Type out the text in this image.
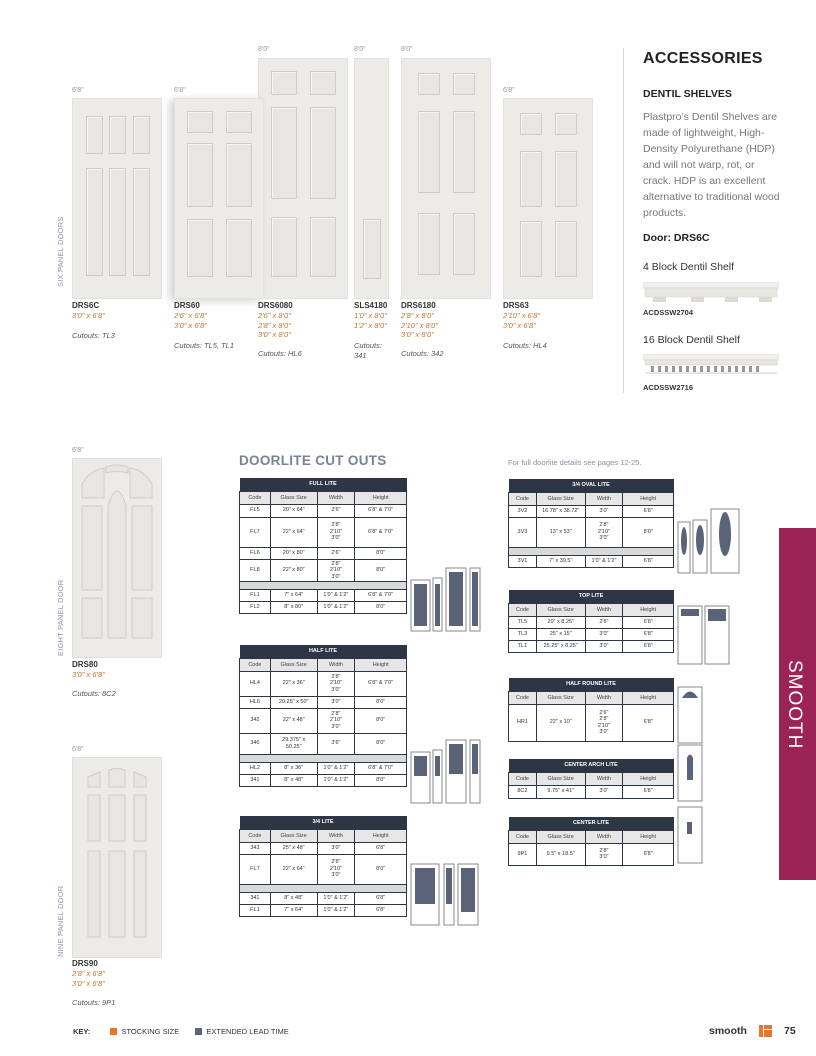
SIX PANEL DOORS
6'8"	6'8"
8'0"	8'0"	8'0"
6'8"
DRS6C
3'0" x 6'8"
Cutouts: TL3
DRS60
2'6" x 6'8"
3'0" x 6'8"
Cutouts: TL5, TL1
DRS6080
2'6" x 8'0"
2'8" x 8'0"
3'0" x 8'0"
Cutouts: HL6
SLS4180
1'0" x 8'0"
1'2" x 8'0"
Cutouts:
341
DRS6180
2'8" x 8'0"
2'10" x 8'0"
3'0" x 8'0"
Cutouts: 342
DRS63
2'10" x 6'8"
3'0" x 6'8"
Cutouts: HL4
ACCESSORIES
DENTIL SHELVES
Plastpro’s Dentil Shelves are made of lightweight, High-Density Polyurethane (HDP) and will not warp, rot, or crack. HDP is an excellent alternative to traditional wood products.
Door: DRS6C
4 Block Dentil Shelf
ACDSSW2704
16 Block Dentil Shelf
ACDSSW2716
6'8"
EIGHT PANEL DOOR
DRS80
3'0" x 6'8"
Cutouts: 8C2
6'8"
NINE PANEL DOOR
DRS90
2'8" x 6'8"
3'0" x 6'8"
Cutouts: 9P1
DOORLITE CUT OUTS	For full doorlite details see pages 12-25.
FULL LITE			
Code	Glass Size	Width	Height
FL5	20" x 64"	2'6"	6'8" & 7'0"
FL7	22" x 64"	2'8"
2'10"
3'0"	6'8" & 7'0"
FL6	20" x 80"	2'6"	8'0"
FL8	22" x 80"	2'8"
2'10"
3'0"	8'0"

FL1	7" x 64"	1'0" & 1'2"	6'8" & 7'0"
FL2	8" x 80"	1'0" & 1'2"	8'0"
HALF LITE			
Code	Glass Size	Width	Height
HL4	22" x 36"	2'8"
2'10"
3'0"	6'8" & 7'0"
HL6	20.25" x 50"	3'0"	8'0"
342	22" x 48"	2'8"
2'10"
3'0"	8'0"
346	29.375" x
50.25"	3'6"	8'0"

HL2	8" x 36"	1'0" & 1'2"	6'8" & 7'0"
341	8" x 48"	1'0" & 1'2"	8'0"
3/4 LITE			
Code	Glass Size	Width	Height
343	25" x 48"	3'0"	6'8"
FL7	22" x 64"	2'8"
2'10"
3'0"	8'0"

341	8" x 48"	1'0" & 1'2"	6'8"
FL1	7" x 64"	1'0" & 1'2"	6'8"
3/4 OVAL LITE			
Code	Glass Size	Width	Height
3V2	16.78" x 38.72"	3'0"	6'8"
3V3	13" x 53"	2'8"
2'10"
3'0"	8'0"

3V1	7" x 39.5"	1'0" & 1'2"	6'8"
TOP LITE			
Code	Glass Size	Width	Height
TL5	20" x 8.25"	2'6"	6'8"
TL3	25" x 15"	3'0"	6'8"
TL1	25.25" x 8.25"	3'0"	6'8"
HALF ROUND LITE			
Code	Glass Size	Width	Height
HR1	22" x 10"	2'6"
2'8"
2'10"
3'0"	6'8"
CENTER ARCH LITE			
Code	Glass Size	Width	Height
8C2	9.75" x 41"	3'0"	6'8"
CENTER LITE			
Code	Glass Size	Width	Height
9P1	9.5" x 18.5"	2'8"
3'0"	6'8"
SMOOTH
KEY:	STOCKING SIZE	EXTENDED LEAD TIME	smooth	75
